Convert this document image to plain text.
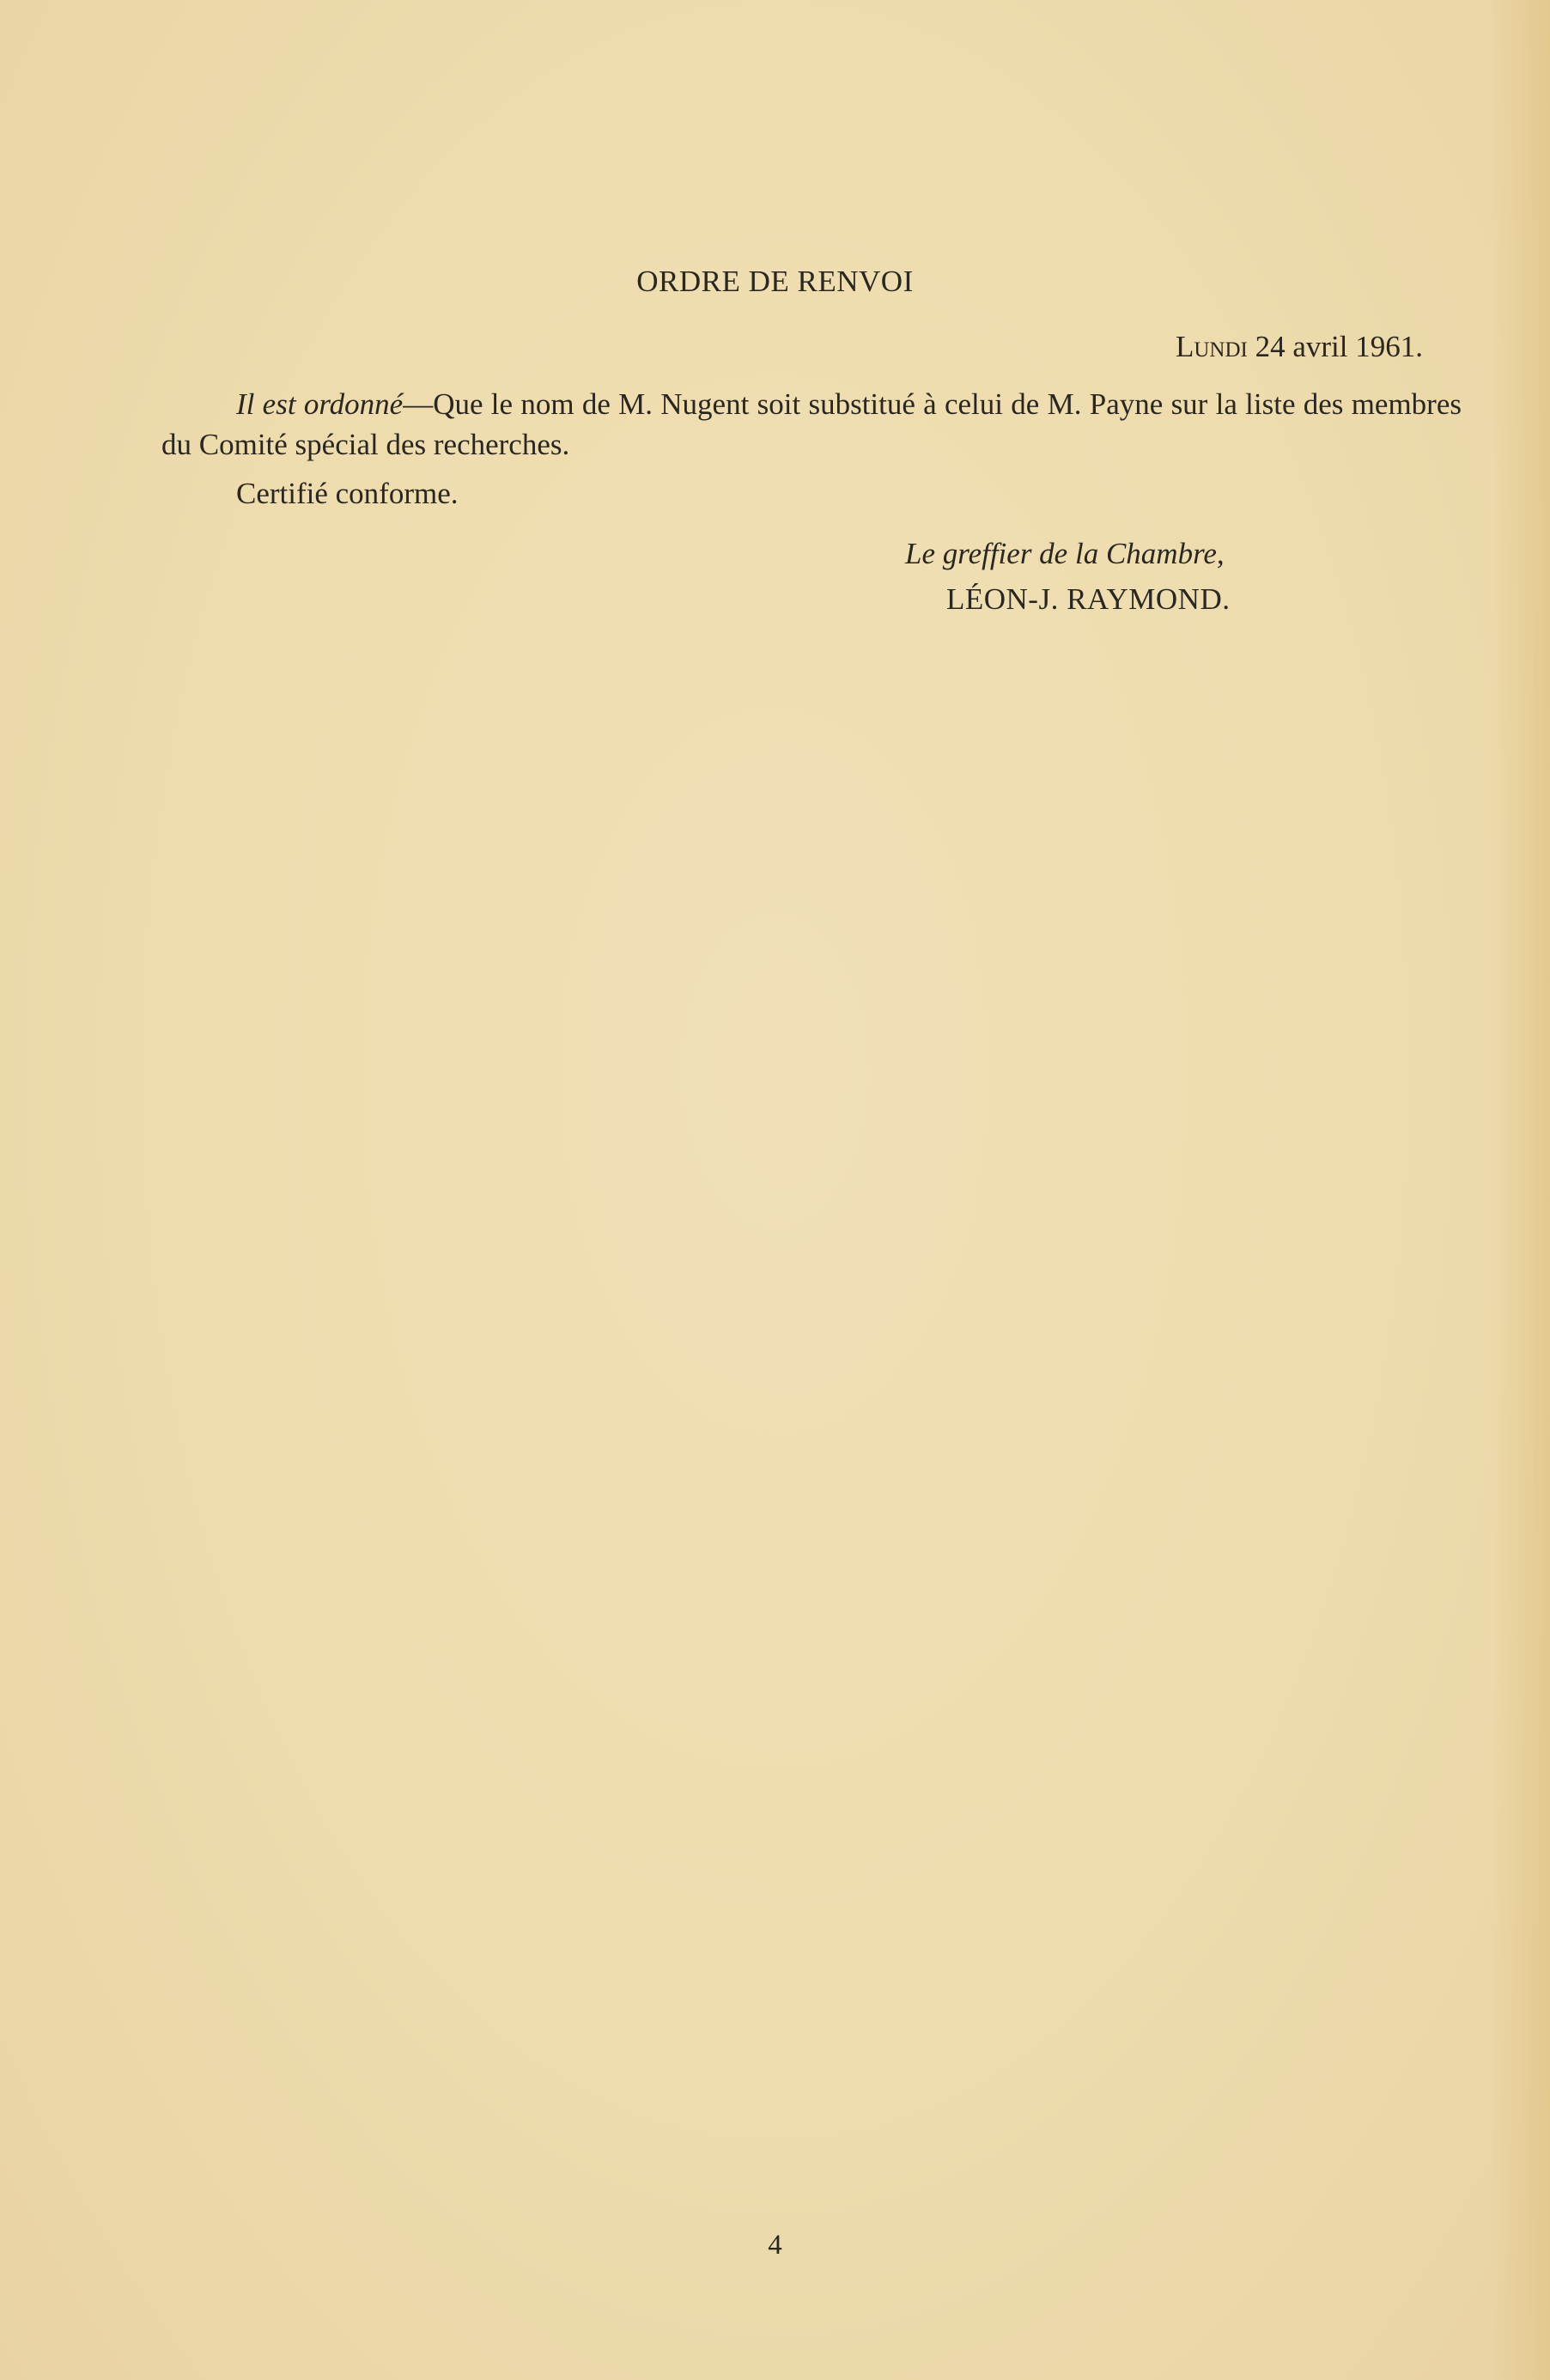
ORDRE DE RENVOI
Lundi 24 avril 1961.
Il est ordonné—Que le nom de M. Nugent soit substitué à celui de M. Payne sur la liste des membres du Comité spécial des recherches.
Certifié conforme.
Le greffier de la Chambre,
LÉON-J. RAYMOND.
4
